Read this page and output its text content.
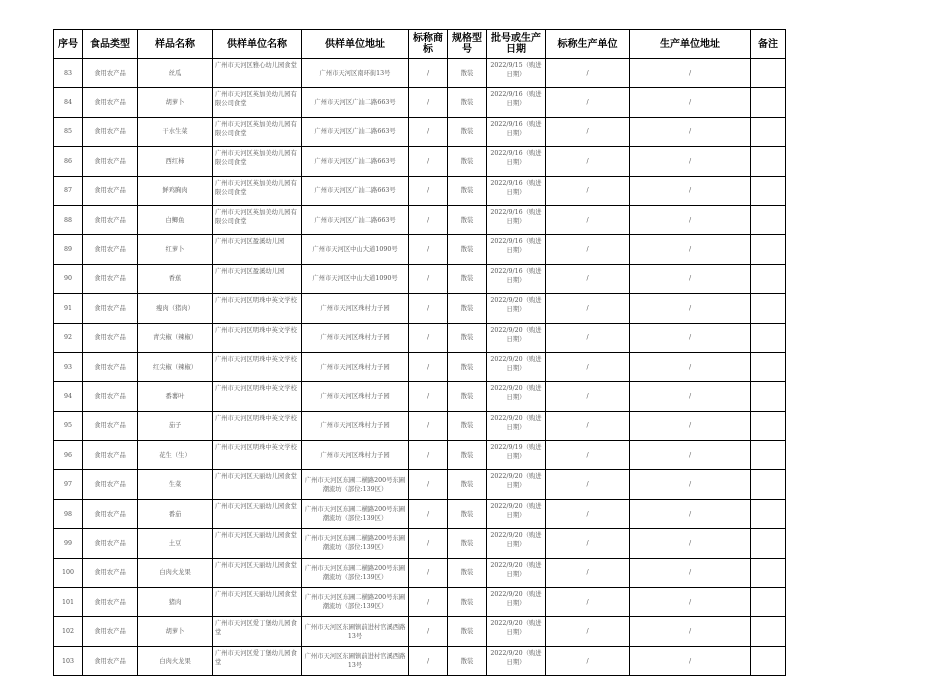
序号	食品类型	样品名称	供样单位名称	供样单位地址	标称商标	规格型号	批号或生产日期	标称生产单位	生产单位地址	备注
83	食用农产品	丝瓜	广州市天河区雅心幼儿园食堂	广州市天河区南环街13号	/	散装	2022/9/15（购进日期）	/	/	
84	食用农产品	胡萝卜	广州市天河区英加美幼儿园有限公司食堂	广州市天河区广汕二路663号	/	散装	2022/9/16（购进日期）	/	/	
85	食用农产品	干水生菜	广州市天河区英加美幼儿园有限公司食堂	广州市天河区广汕二路663号	/	散装	2022/9/16（购进日期）	/	/	
86	食用农产品	西红柿	广州市天河区英加美幼儿园有限公司食堂	广州市天河区广汕二路663号	/	散装	2022/9/16（购进日期）	/	/	
87	食用农产品	鲜鸡胸肉	广州市天河区英加美幼儿园有限公司食堂	广州市天河区广汕二路663号	/	散装	2022/9/16（购进日期）	/	/	
88	食用农产品	白鲫鱼	广州市天河区英加美幼儿园有限公司食堂	广州市天河区广汕二路663号	/	散装	2022/9/16（购进日期）	/	/	
89	食用农产品	红萝卜	广州市天河区盈溪幼儿园	广州市天河区中山大道1090号	/	散装	2022/9/16（购进日期）	/	/	
90	食用农产品	香蕉	广州市天河区盈溪幼儿园	广州市天河区中山大道1090号	/	散装	2022/9/16（购进日期）	/	/	
91	食用农产品	瘦肉（猪肉）	广州市天河区明珠中英文学校	广州市天河区珠村力子园	/	散装	2022/9/20（购进日期）	/	/	
92	食用农产品	青尖椒（辣椒）	广州市天河区明珠中英文学校	广州市天河区珠村力子园	/	散装	2022/9/20（购进日期）	/	/	
93	食用农产品	红尖椒（辣椒）	广州市天河区明珠中英文学校	广州市天河区珠村力子园	/	散装	2022/9/20（购进日期）	/	/	
94	食用农产品	番薯叶	广州市天河区明珠中英文学校	广州市天河区珠村力子园	/	散装	2022/9/20（购进日期）	/	/	
95	食用农产品	茄子	广州市天河区明珠中英文学校	广州市天河区珠村力子园	/	散装	2022/9/20（购进日期）	/	/	
96	食用农产品	花生（生）	广州市天河区明珠中英文学校	广州市天河区珠村力子园	/	散装	2022/9/19（购进日期）	/	/	
97	食用农产品	生菜	广州市天河区天丽幼儿园食堂	广州市天河区东圃二横路200号东圃潮流坊（部位:139区）	/	散装	2022/9/20（购进日期）	/	/	
98	食用农产品	番茄	广州市天河区天丽幼儿园食堂	广州市天河区东圃二横路200号东圃潮流坊（部位:139区）	/	散装	2022/9/20（购进日期）	/	/	
99	食用农产品	土豆	广州市天河区天丽幼儿园食堂	广州市天河区东圃二横路200号东圃潮流坊（部位:139区）	/	散装	2022/9/20（购进日期）	/	/	
100	食用农产品	白肉火龙果	广州市天河区天丽幼儿园食堂	广州市天河区东圃二横路200号东圃潮流坊（部位:139区）	/	散装	2022/9/20（购进日期）	/	/	
101	食用农产品	猪肉	广州市天河区天丽幼儿园食堂	广州市天河区东圃二横路200号东圃潮流坊（部位:139区）	/	散装	2022/9/20（购进日期）	/	/	
102	食用农产品	胡萝卜	广州市天河区爱丁堡幼儿园食堂	广州市天河区东圃镇前进村官溪西路13号	/	散装	2022/9/20（购进日期）	/	/	
103	食用农产品	白肉火龙果	广州市天河区爱丁堡幼儿园食堂	广州市天河区东圃镇前进村官溪西路13号	/	散装	2022/9/20（购进日期）	/	/	
